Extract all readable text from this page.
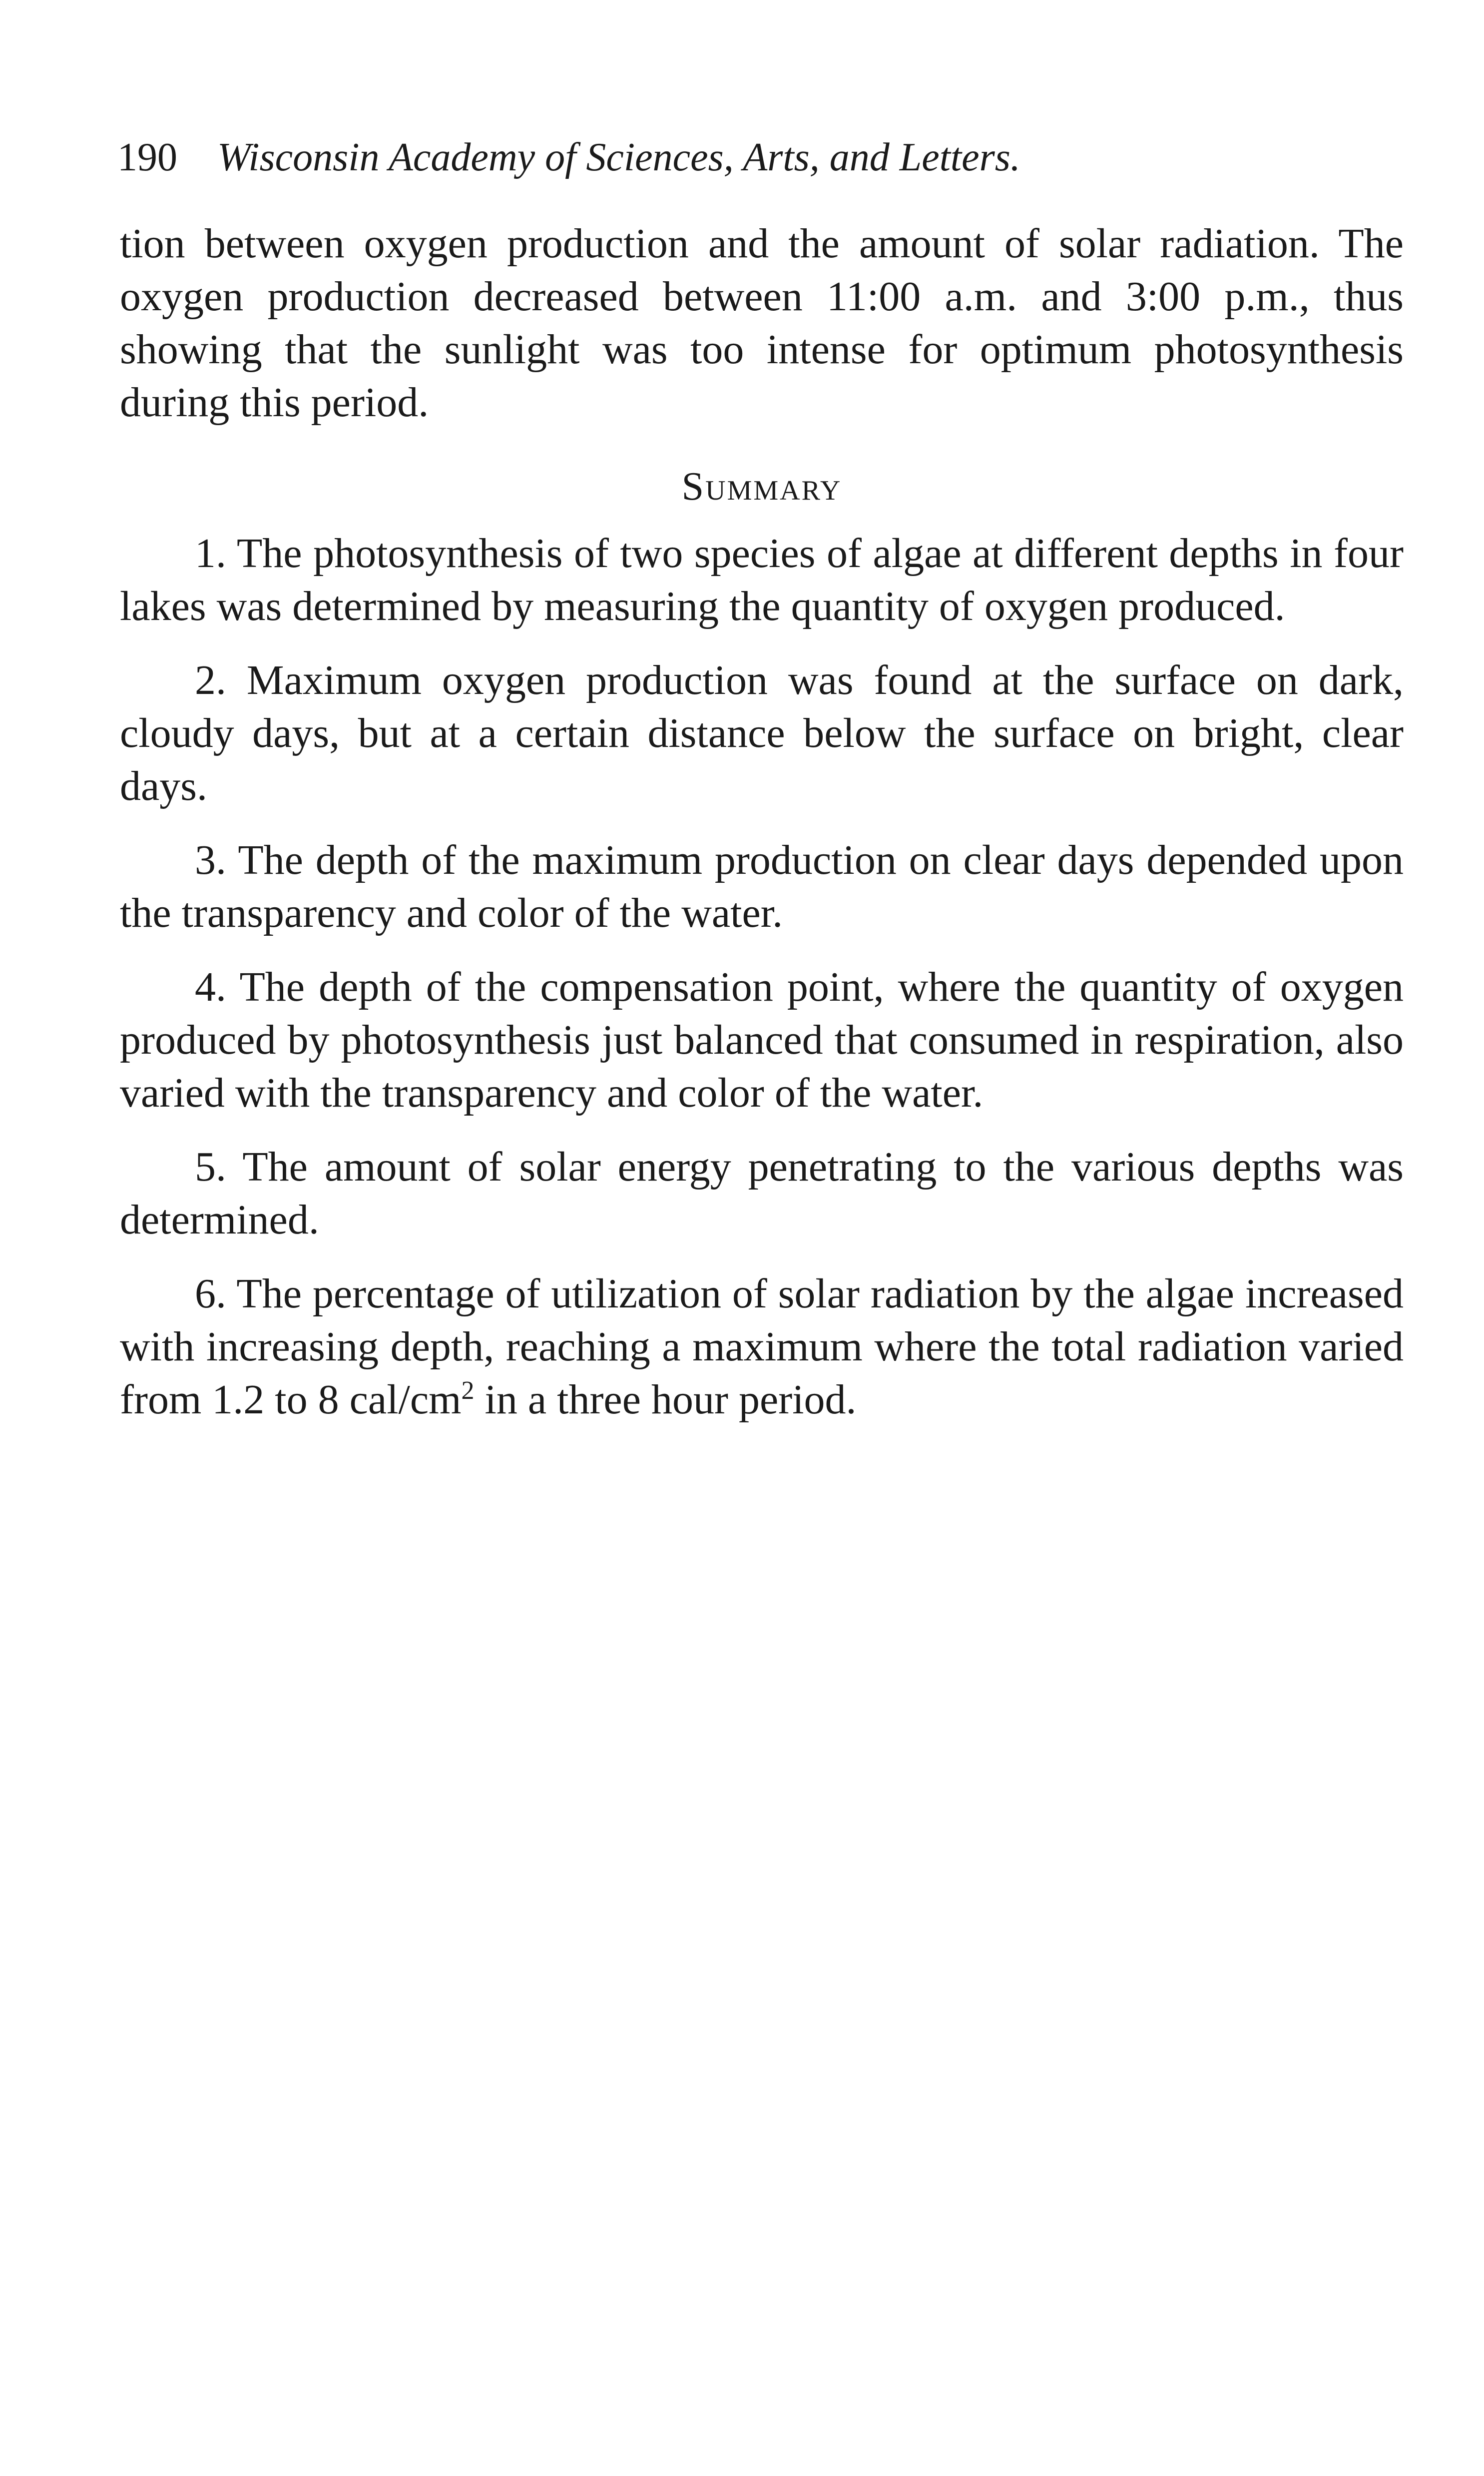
190 Wisconsin Academy of Sciences, Arts, and Letters.

tion between oxygen production and the amount of solar radiation. The oxygen production decreased between 11:00 a.m. and 3:00 p.m., thus showing that the sunlight was too intense for optimum photosynthesis during this period.

Summary

1. The photosynthesis of two species of algae at different depths in four lakes was determined by measuring the quantity of oxygen produced.

2. Maximum oxygen production was found at the surface on dark, cloudy days, but at a certain distance below the surface on bright, clear days.

3. The depth of the maximum production on clear days depended upon the transparency and color of the water.

4. The depth of the compensation point, where the quantity of oxygen produced by photosynthesis just balanced that consumed in respiration, also varied with the transparency and color of the water.

5. The amount of solar energy penetrating to the various depths was determined.

6. The percentage of utilization of solar radiation by the algae increased with increasing depth, reaching a maximum where the total radiation varied from 1.2 to 8 cal/$cm^2$ in a three hour period.
